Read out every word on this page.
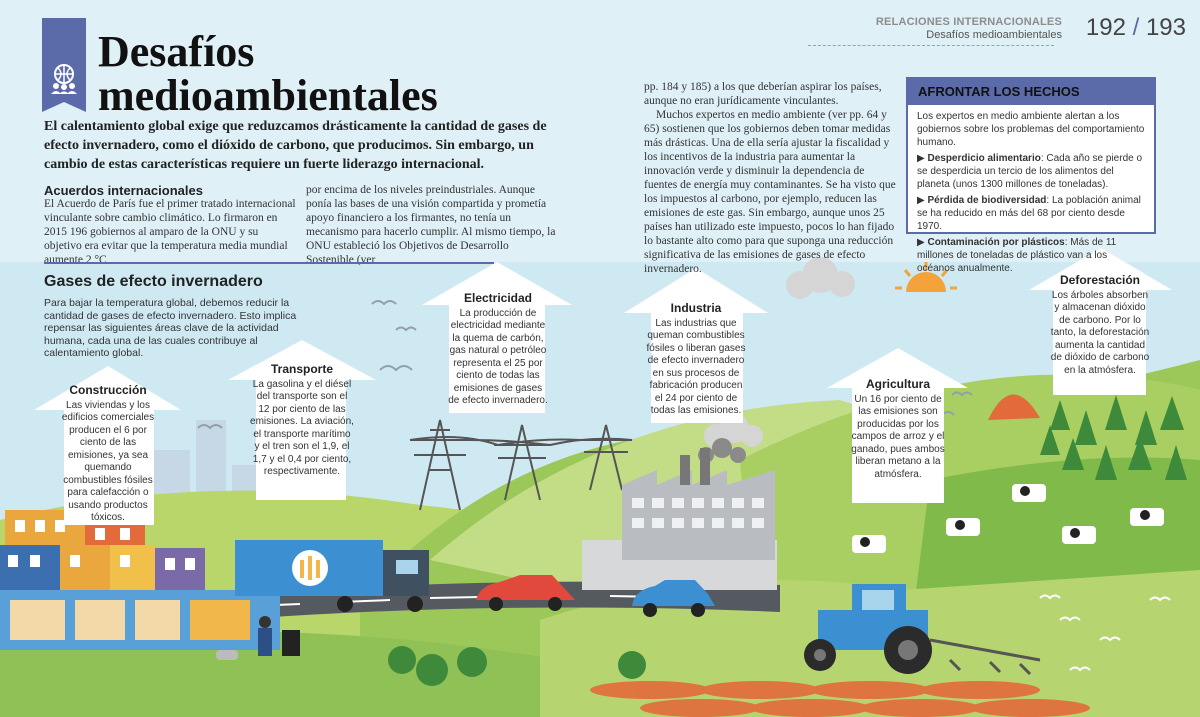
RELACIONES INTERNACIONALES
Desafíos medioambientales 192 / 193
Desafíos
medioambientales
El calentamiento global exige que reduzcamos drásticamente la cantidad de gases de efecto invernadero, como el dióxido de carbono, que producimos. Sin embargo, un cambio de estas características requiere un fuerte liderazgo internacional.
Acuerdos internacionales
El Acuerdo de París fue el primer tratado internacional vinculante sobre cambio climático. Lo firmaron en 2015 196 gobiernos al amparo de la ONU y su objetivo era evitar que la temperatura media mundial aumente 2 °C
por encima de los niveles preindustriales. Aunque ponía las bases de una visión compartida y prometía apoyo financiero a los firmantes, no tenía un mecanismo para hacerlo cumplir. Al mismo tiempo, la ONU estableció los Objetivos de Desarrollo Sostenible (ver
pp. 184 y 185) a los que deberían aspirar los países, aunque no eran jurídicamente vinculantes.
Muchos expertos en medio ambiente (ver pp. 64 y 65) sostienen que los gobiernos deben tomar medidas más drásticas. Una de ella sería ajustar la fiscalidad y los incentivos de la industria para aumentar la innovación verde y disminuir la dependencia de fuentes de energía muy contaminantes. Se ha visto que los impuestos al carbono, por ejemplo, reducen las emisiones de este gas. Sin embargo, aunque unos 25 países han utilizado este impuesto, pocos lo han fijado lo bastante alto como para que suponga una reducción significativa de las emisiones de gases de efecto invernadero.
AFRONTAR LOS HECHOS

Los expertos en medio ambiente alertan a los gobiernos sobre los problemas del comportamiento humano.

▶ Desperdicio alimentario: Cada año se pierde o se desperdicia un tercio de los alimentos del planeta (unos 1300 millones de toneladas).

▶ Pérdida de biodiversidad: La población animal se ha reducido en más del 68 por ciento desde 1970.

▶ Contaminación por plásticos: Más de 11 millones de toneladas de plástico van a los océanos anualmente.

Gases de efecto invernadero
Para bajar la temperatura global, debemos reducir la cantidad de gases de efecto invernadero. Esto implica repensar las siguientes áreas clave de la actividad humana, cada una de las cuales contribuye al calentamiento global.
Construcción
Las viviendas y los edificios comerciales producen el 6 por ciento de las emisiones, ya sea quemando combustibles fósiles para calefacción o usando productos tóxicos.
Transporte
La gasolina y el diésel del transporte son el 12 por ciento de las emisiones. La aviación, el transporte marítimo y el tren son el 1,9, el 1,7 y el 0,4 por ciento, respectivamente.
Electricidad
La producción de electricidad mediante la quema de carbón, gas natural o petróleo representa el 25 por ciento de todas las emisiones de gases de efecto invernadero.
Industria
Las industrias que queman combustibles fósiles o liberan gases de efecto invernadero en sus procesos de fabricación producen el 24 por ciento de todas las emisiones.
Agricultura
Un 16 por ciento de las emisiones son producidas por los campos de arroz y el ganado, pues ambos liberan metano a la atmósfera.
Deforestación
Los árboles absorben y almacenan dióxido de carbono. Por lo tanto, la deforestación aumenta la cantidad de dióxido de carbono en la atmósfera.
